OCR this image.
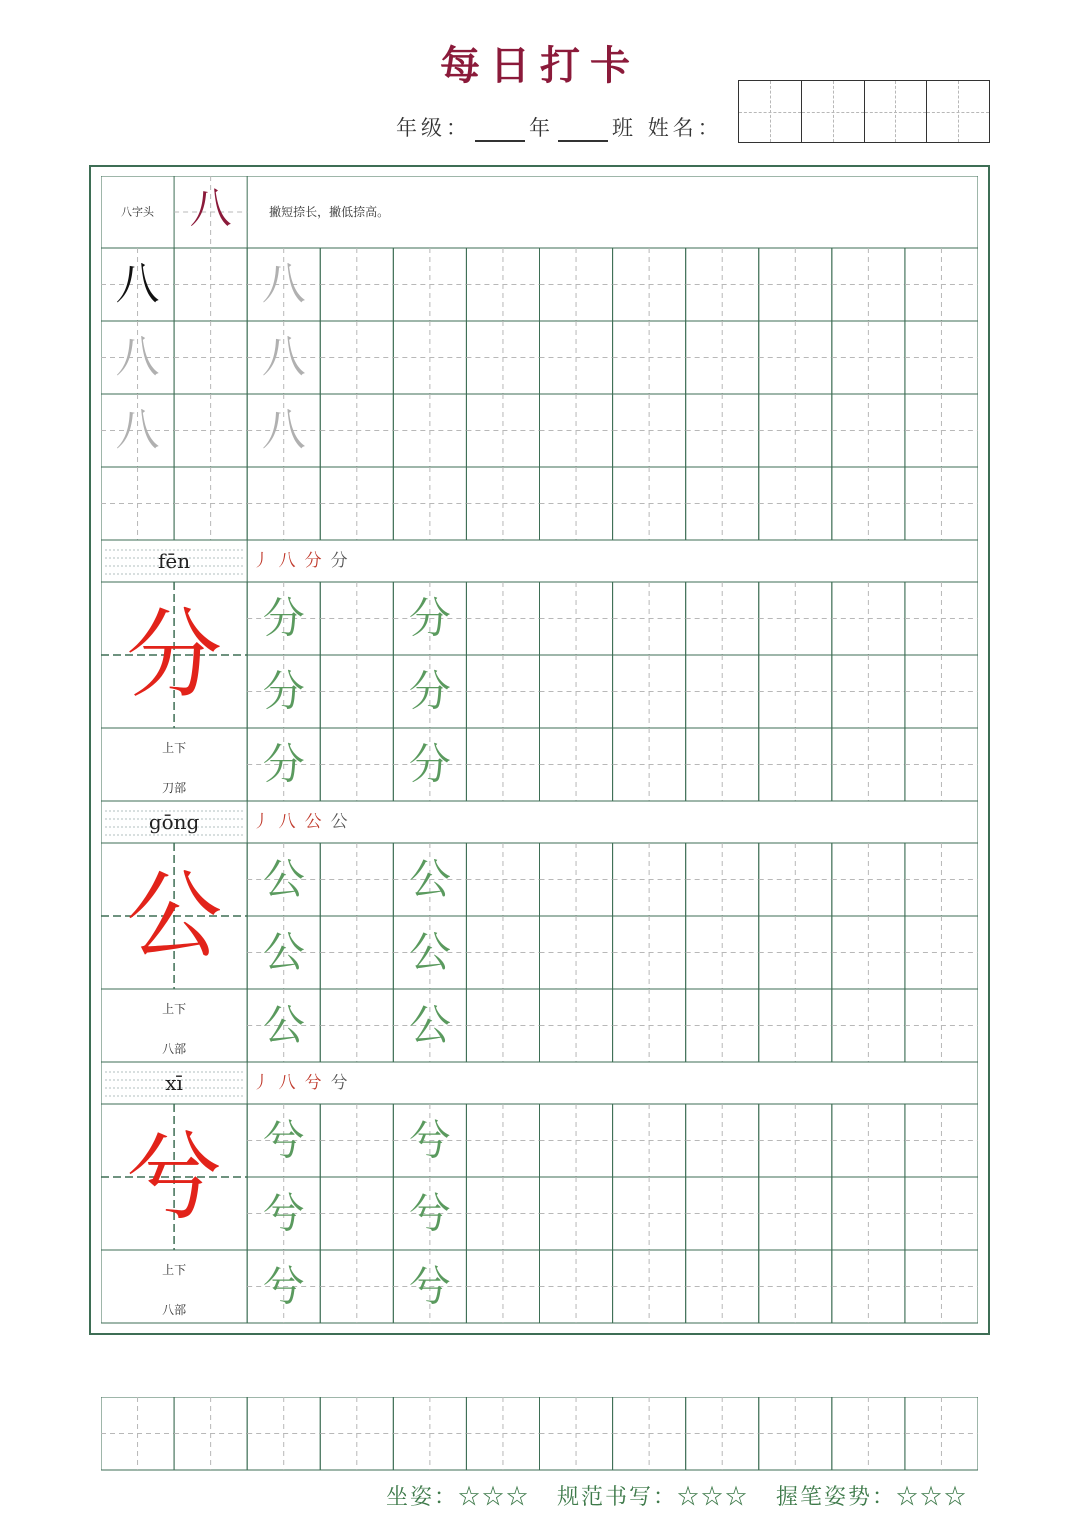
每日打卡
年级：	年	班 姓名：
八字头 八	撇短捺长，撇低捺高。
八 八
八 八
八 八
fēn	丿 八 分 分
分
上下
刀部
分 分
分 分
分 分
gōng	丿 八 公 公
公
上下
八部
公 公
公 公
公 公
xī	丿 八 兮 兮
兮
上下
八部
兮 兮
兮 兮
兮 兮
坐姿：☆☆☆ 规范书写：☆☆☆ 握笔姿势：☆☆☆
